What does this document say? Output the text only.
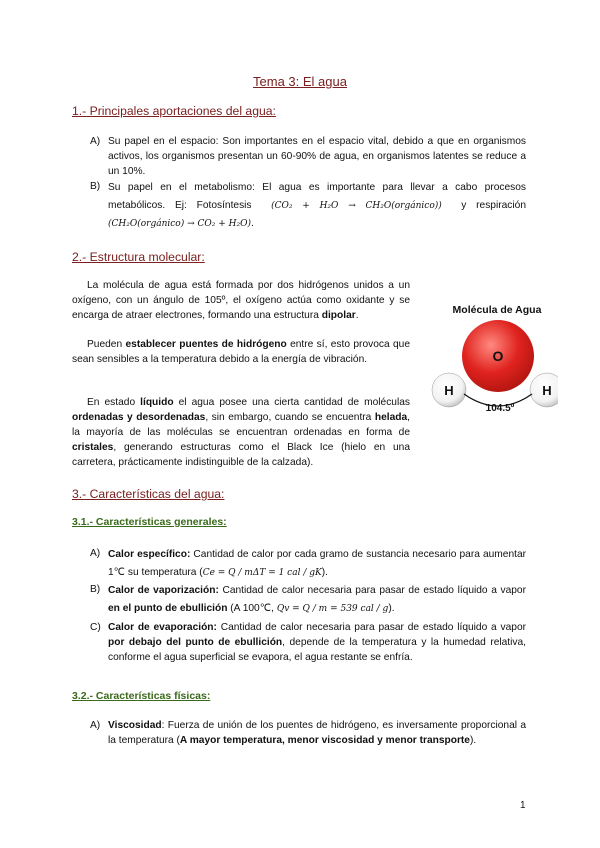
Tema 3: El agua
1.- Principales aportaciones del agua:
A) Su papel en el espacio: Son importantes en el espacio vital, debido a que en organismos activos, los organismos presentan un 60-90% de agua, en organismos latentes se reduce a un 10%.
B) Su papel en el metabolismo: El agua es importante para llevar a cabo procesos metabólicos. Ej: Fotosíntesis (CO₂ + H₂O → CH₂O(orgánico)) y respiración (CH₂O(orgánico) → CO₂ + H₂O).
2.- Estructura molecular:
La molécula de agua está formada por dos hidrógenos unidos a un oxígeno, con un ángulo de 105º, el oxígeno actúa como oxidante y se encarga de atraer electrones, formando una estructura dipolar.
Pueden establecer puentes de hidrógeno entre sí, esto provoca que sean sensibles a la temperatura debido a la energía de vibración.
En estado líquido el agua posee una cierta cantidad de moléculas ordenadas y desordenadas, sin embargo, cuando se encuentra helada, la mayoría de las moléculas se encuentran ordenadas en forma de cristales, generando estructuras como el Black Ice (hielo en una carretera, prácticamente indistinguible de la calzada).
Molécula de Agua
O
H	H
104.5º
3.- Características del agua:
3.1.- Características generales:
A) Calor específico: Cantidad de calor por cada gramo de sustancia necesario para aumentar 1℃ su temperatura (Ce = Q / mΔT = 1 cal / gK).
B) Calor de vaporización: Cantidad de calor necesaria para pasar de estado líquido a vapor en el punto de ebullición (A 100℃, Qv = Q / m = 539 cal / g).
C) Calor de evaporación: Cantidad de calor necesaria para pasar de estado líquido a vapor por debajo del punto de ebullición, depende de la temperatura y la humedad relativa, conforme el agua superficial se evapora, el agua restante se enfría.
3.2.- Características físicas:
A) Viscosidad: Fuerza de unión de los puentes de hidrógeno, es inversamente proporcional a la temperatura (A mayor temperatura, menor viscosidad y menor transporte).
1
